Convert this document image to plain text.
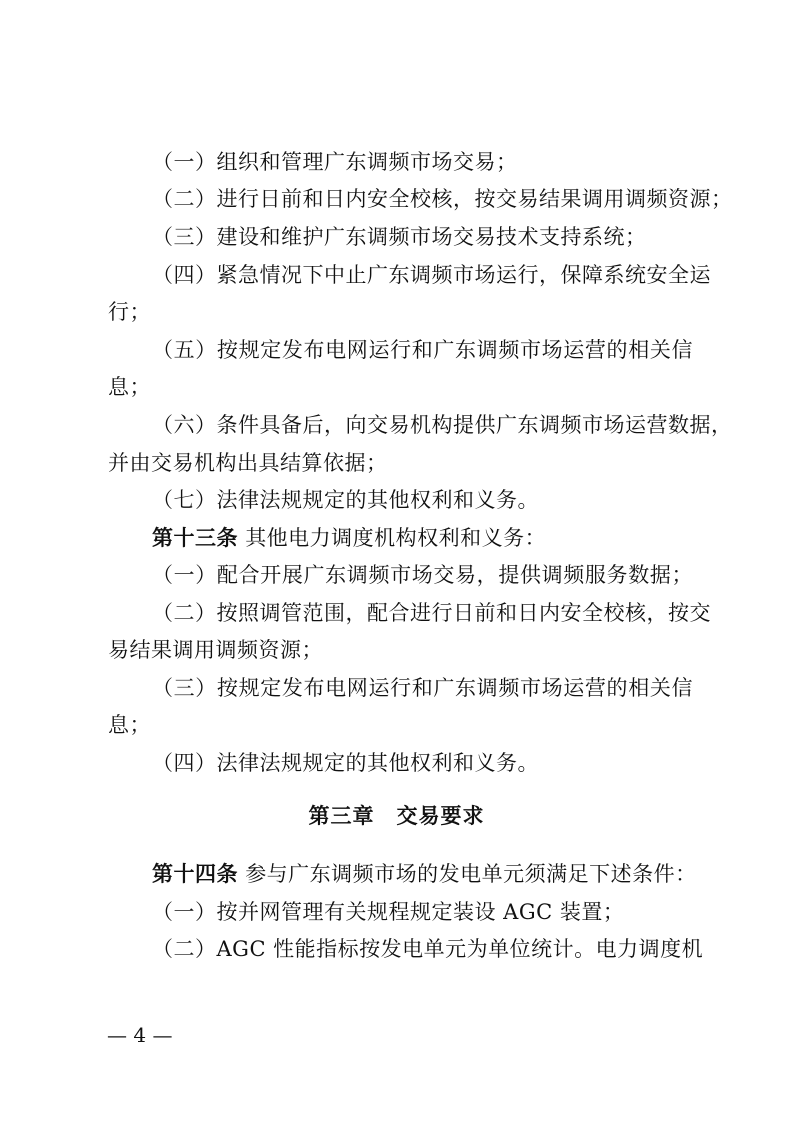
（一）组织和管理广东调频市场交易；
（二）进行日前和日内安全校核，按交易结果调用调频资源；
（三）建设和维护广东调频市场交易技术支持系统；
（四）紧急情况下中止广东调频市场运行，保障系统安全运
行；
（五）按规定发布电网运行和广东调频市场运营的相关信
息；
（六）条件具备后，向交易机构提供广东调频市场运营数据，
并由交易机构出具结算依据；
（七）法律法规规定的其他权利和义务。
第十三条 其他电力调度机构权利和义务：
（一）配合开展广东调频市场交易，提供调频服务数据；
（二）按照调管范围，配合进行日前和日内安全校核，按交
易结果调用调频资源；
（三）按规定发布电网运行和广东调频市场运营的相关信
息；
（四）法律法规规定的其他权利和义务。
第三章　交易要求
第十四条 参与广东调频市场的发电单元须满足下述条件：
（一）按并网管理有关规程规定装设 AGC 装置；
（二）AGC 性能指标按发电单元为单位统计。电力调度机
— 4 —
